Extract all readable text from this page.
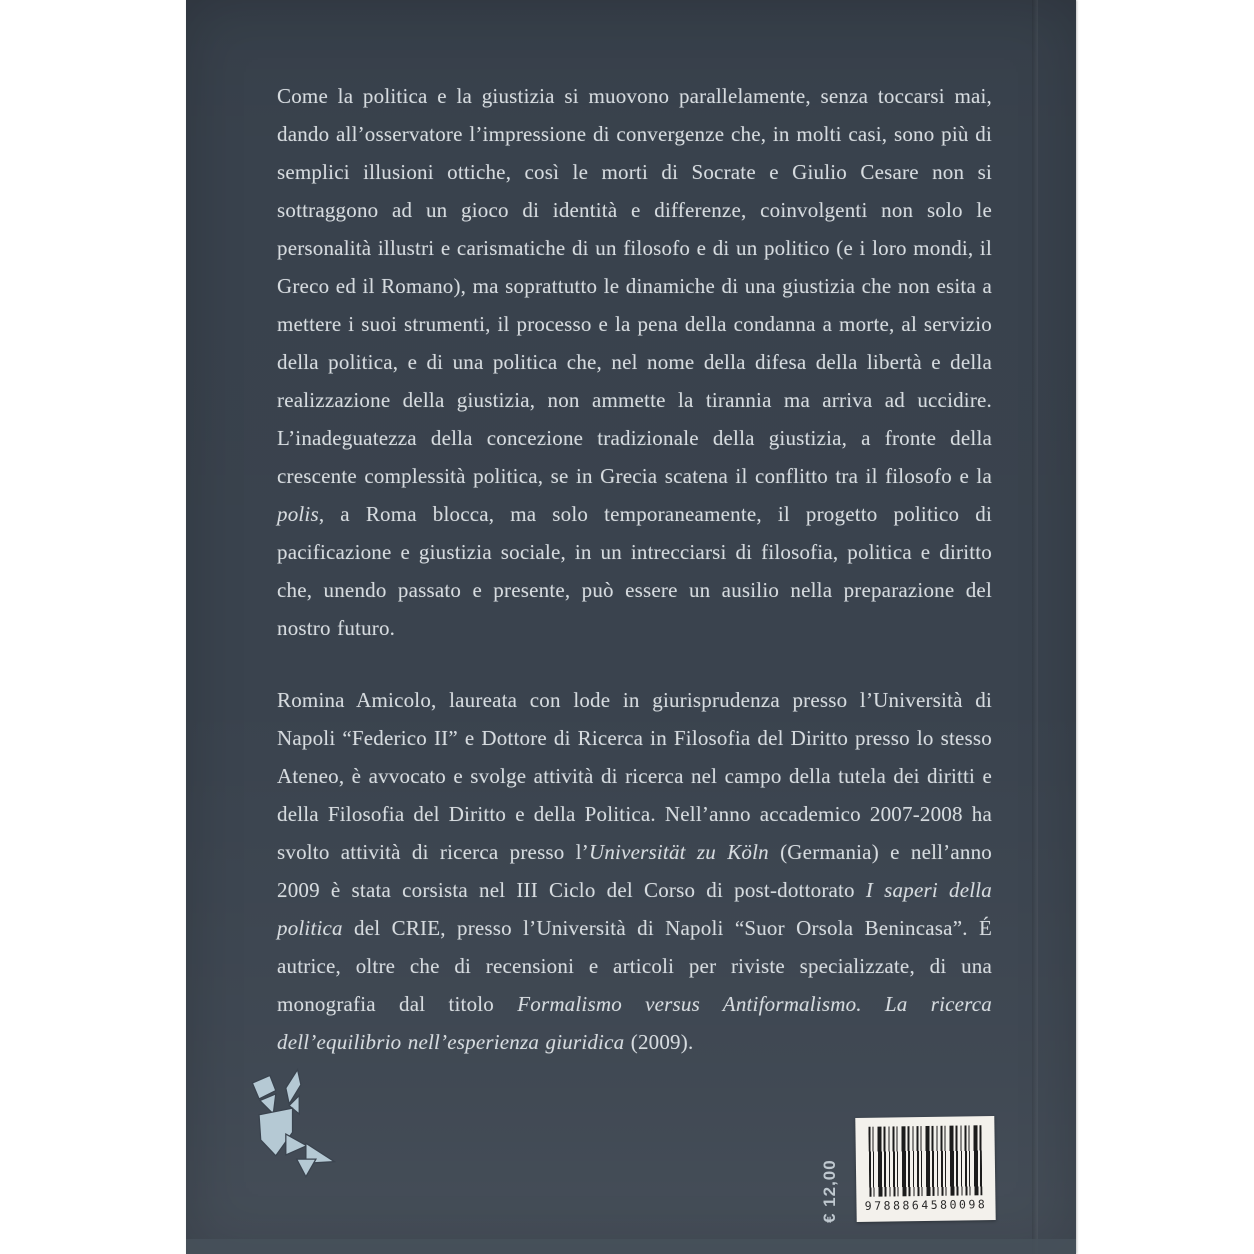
Come la politica e la giustizia si muovono parallelamente, senza toccarsi mai, dando all’osservatore l’impressione di convergenze che, in molti casi, sono più di semplici illusioni ottiche, così le morti di Socrate e Giulio Cesare non si sottraggono ad un gioco di identità e differenze, coinvolgenti non solo le personalità illustri e carismatiche di un filosofo e di un politico (e i loro mondi, il Greco ed il Romano), ma soprattutto le dinamiche di una giustizia che non esita a mettere i suoi strumenti, il processo e la pena della condanna a morte, al servizio della politica, e di una politica che, nel nome della difesa della libertà e della realizzazione della giustizia, non ammette la tirannia ma arriva ad uccidire. L’inadeguatezza della concezione tradizionale della giustizia, a fronte della crescente complessità politica, se in Grecia scatena il conflitto tra il filosofo e la polis, a Roma blocca, ma solo temporaneamente, il progetto politico di pacificazione e giustizia sociale, in un intrecciarsi di filosofia, politica e diritto che, unendo passato e presente, può essere un ausilio nella preparazione del nostro futuro.

Romina Amicolo, laureata con lode in giurisprudenza presso l’Università di Napoli “Federico II” e Dottore di Ricerca in Filosofia del Diritto presso lo stesso Ateneo, è avvocato e svolge attività di ricerca nel campo della tutela dei diritti e della Filosofia del Diritto e della Politica. Nell’anno accademico 2007-2008 ha svolto attività di ricerca presso l’Universität zu Köln (Germania) e nell’anno 2009 è stata corsista nel III Ciclo del Corso di post-dottorato I saperi della politica del CRIE, presso l’Università di Napoli “Suor Orsola Benincasa”. É autrice, oltre che di recensioni e articoli per riviste specializzate, di una monografia dal titolo Formalismo versus Antiformalismo. La ricerca dell’equilibrio nell’esperienza giuridica (2009).

€ 12,00	9788864580098
